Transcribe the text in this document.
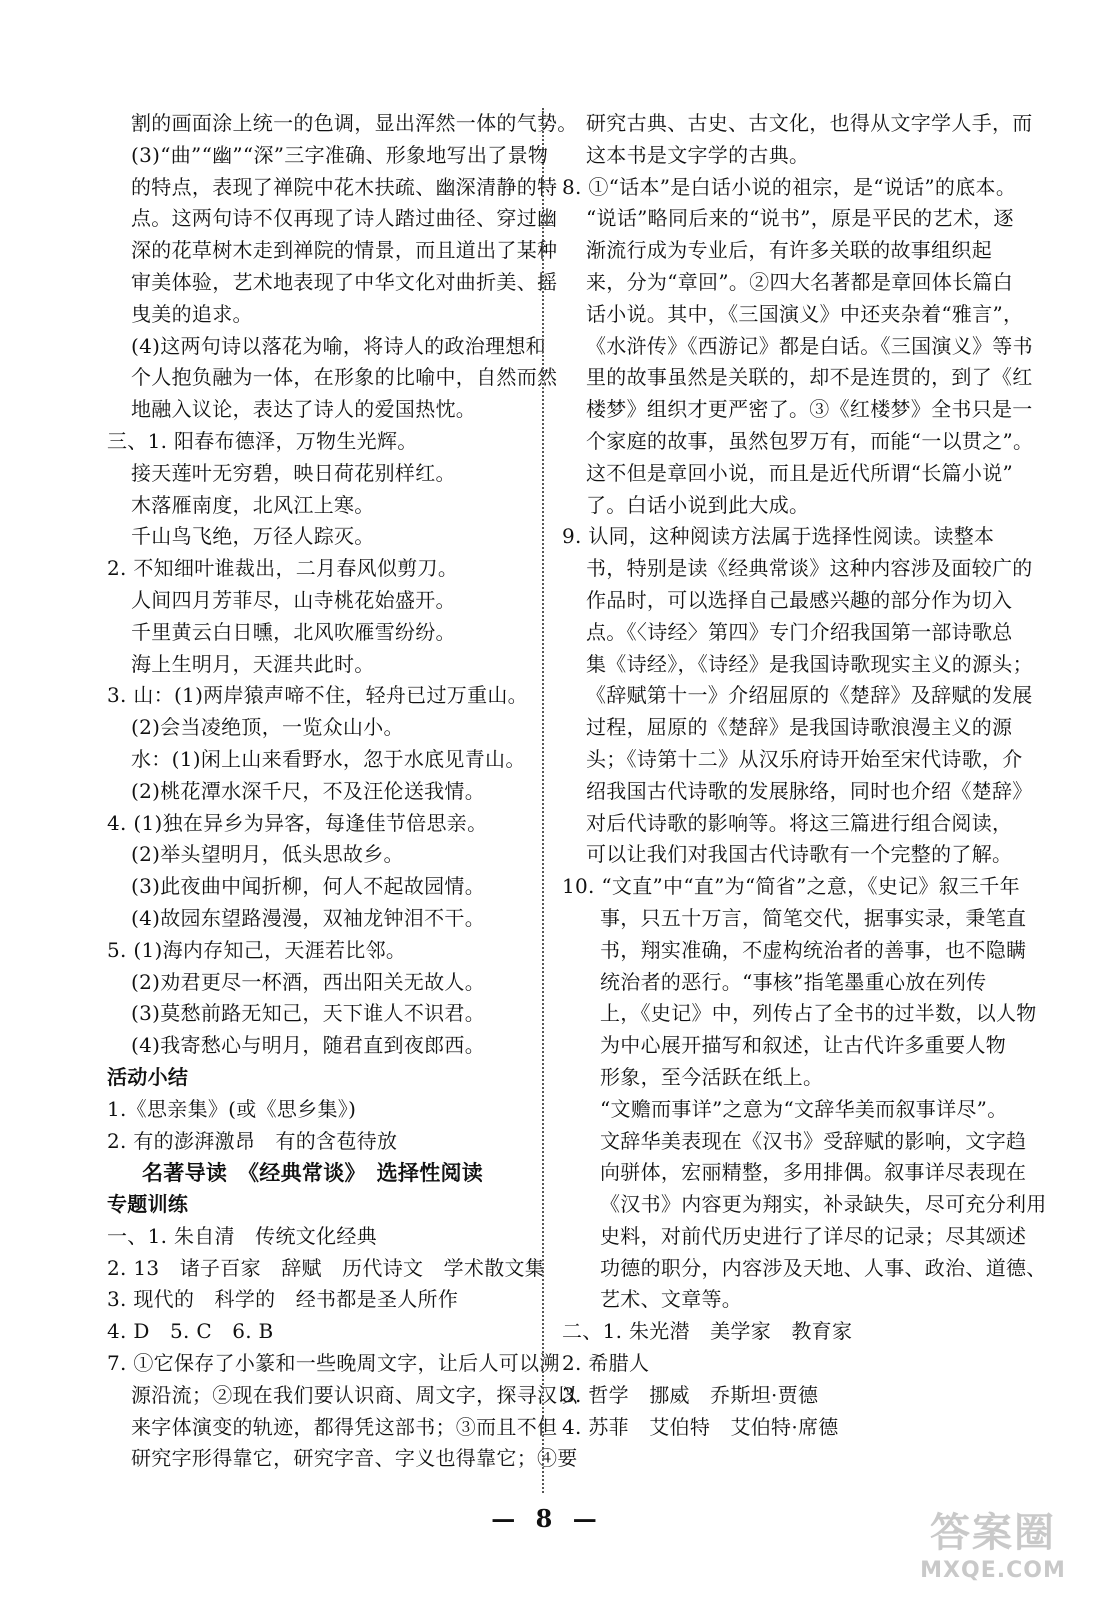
割的画面涂上统一的色调，显出浑然一体的气势。
(3)“曲”“幽”“深”三字准确、形象地写出了景物
的特点，表现了禅院中花木扶疏、幽深清静的特
点。这两句诗不仅再现了诗人踏过曲径、穿过幽
深的花草树木走到禅院的情景，而且道出了某种
审美体验，艺术地表现了中华文化对曲折美、摇
曳美的追求。
(4)这两句诗以落花为喻，将诗人的政治理想和
个人抱负融为一体，在形象的比喻中，自然而然
地融入议论，表达了诗人的爱国热忱。
三、1. 阳春布德泽，万物生光辉。
接天莲叶无穷碧，映日荷花别样红。
木落雁南度，北风江上寒。
千山鸟飞绝，万径人踪灭。
2. 不知细叶谁裁出，二月春风似剪刀。
人间四月芳菲尽，山寺桃花始盛开。
千里黄云白日曛，北风吹雁雪纷纷。
海上生明月，天涯共此时。
3. 山：(1)两岸猿声啼不住，轻舟已过万重山。
(2)会当凌绝顶，一览众山小。
水：(1)闲上山来看野水，忽于水底见青山。
(2)桃花潭水深千尺，不及汪伦送我情。
4. (1)独在异乡为异客，每逢佳节倍思亲。
(2)举头望明月，低头思故乡。
(3)此夜曲中闻折柳，何人不起故园情。
(4)故园东望路漫漫，双袖龙钟泪不干。
5. (1)海内存知己，天涯若比邻。
(2)劝君更尽一杯酒，西出阳关无故人。
(3)莫愁前路无知己，天下谁人不识君。
(4)我寄愁心与明月，随君直到夜郎西。
活动小结
1.《思亲集》(或《思乡集》)
2. 有的澎湃激昂　有的含苞待放
名著导读　《经典常谈》　选择性阅读
专题训练
一、1. 朱自清　传统文化经典
2. 13　诸子百家　辞赋　历代诗文　学术散文集
3. 现代的　科学的　经书都是圣人所作
4. D　5. C　6. B
7. ①它保存了小篆和一些晚周文字，让后人可以溯
源沿流；②现在我们要认识商、周文字，探寻汉以
来字体演变的轨迹，都得凭这部书；③而且不但
研究字形得靠它，研究字音、字义也得靠它；④要
研究古典、古史、古文化，也得从文字学人手，而
这本书是文字学的古典。
8. ①“话本”是白话小说的祖宗，是“说话”的底本。
“说话”略同后来的“说书”，原是平民的艺术，逐
渐流行成为专业后，有许多关联的故事组织起
来，分为“章回”。②四大名著都是章回体长篇白
话小说。其中，《三国演义》中还夹杂着“雅言”，
《水浒传》《西游记》都是白话。《三国演义》等书
里的故事虽然是关联的，却不是连贯的，到了《红
楼梦》组织才更严密了。③《红楼梦》全书只是一
个家庭的故事，虽然包罗万有，而能“一以贯之”。
这不但是章回小说，而且是近代所谓“长篇小说”
了。白话小说到此大成。
9. 认同，这种阅读方法属于选择性阅读。读整本
书，特别是读《经典常谈》这种内容涉及面较广的
作品时，可以选择自己最感兴趣的部分作为切入
点。《〈诗经〉第四》专门介绍我国第一部诗歌总
集《诗经》，《诗经》是我国诗歌现实主义的源头；
《辞赋第十一》介绍屈原的《楚辞》及辞赋的发展
过程，屈原的《楚辞》是我国诗歌浪漫主义的源
头；《诗第十二》从汉乐府诗开始至宋代诗歌，介
绍我国古代诗歌的发展脉络，同时也介绍《楚辞》
对后代诗歌的影响等。将这三篇进行组合阅读，
可以让我们对我国古代诗歌有一个完整的了解。
10. “文直”中“直”为“简省”之意，《史记》叙三千年
事，只五十万言，简笔交代，据事实录，秉笔直
书，翔实准确，不虚构统治者的善事，也不隐瞒
统治者的恶行。“事核”指笔墨重心放在列传
上，《史记》中，列传占了全书的过半数，以人物
为中心展开描写和叙述，让古代许多重要人物
形象，至今活跃在纸上。
“文赡而事详”之意为“文辞华美而叙事详尽”。
文辞华美表现在《汉书》受辞赋的影响，文字趋
向骈体，宏丽精整，多用排偶。叙事详尽表现在
《汉书》内容更为翔实，补录缺失，尽可充分利用
史料，对前代历史进行了详尽的记录；尽其颂述
功德的职分，内容涉及天地、人事、政治、道德、
艺术、文章等。
二、1. 朱光潜　美学家　教育家
2. 希腊人
3. 哲学　挪威　乔斯坦·贾德
4. 苏菲　艾伯特　艾伯特·席德
— 8 —	答案圈
MXQE.COM
